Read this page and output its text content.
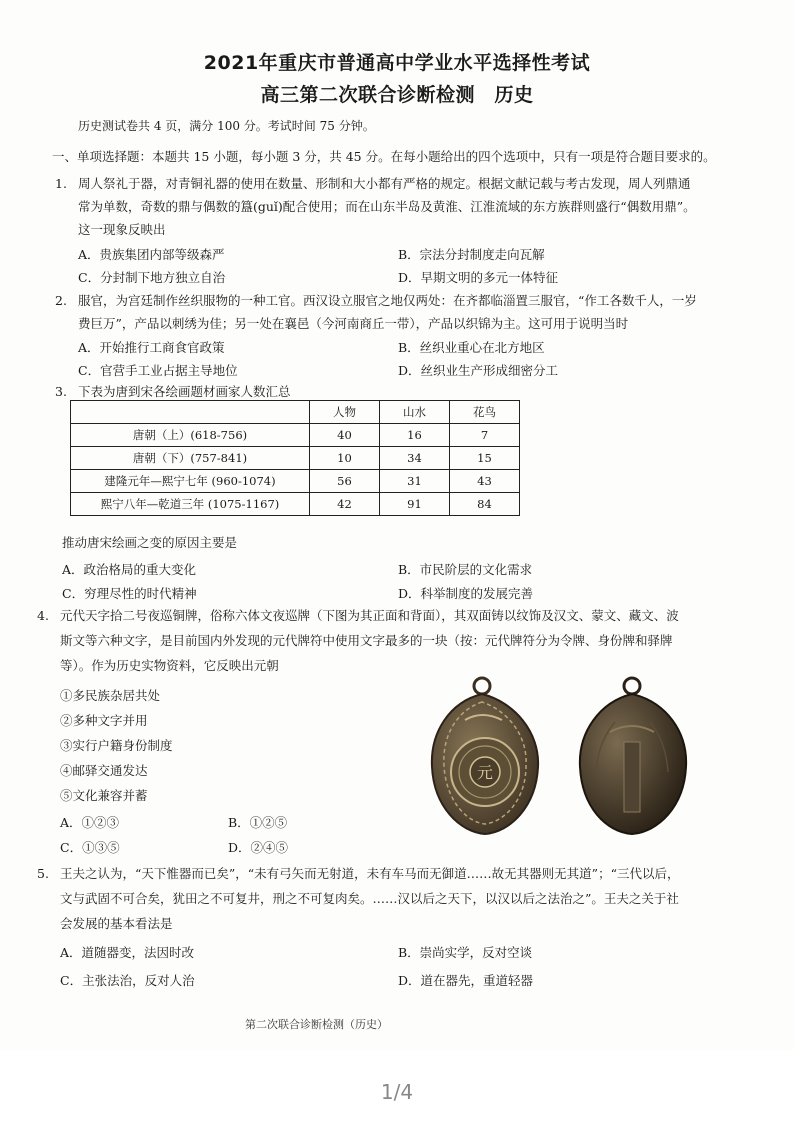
2021年重庆市普通高中学业水平选择性考试
高三第二次联合诊断检测　历史
历史测试卷共 4 页，满分 100 分。考试时间 75 分钟。
一、单项选择题：本题共 15 小题，每小题 3 分，共 45 分。在每小题给出的四个选项中，只有一项是符合题目要求的。
1. 周人祭礼于器，对青铜礼器的使用在数量、形制和大小都有严格的规定。根据文献记载与考古发现，周人列鼎通
常为单数，奇数的鼎与偶数的簋(guǐ)配合使用；而在山东半岛及黄淮、江淮流域的东方族群则盛行“偶数用鼎”。
这一现象反映出
A．贵族集团内部等级森严	B．宗法分封制度走向瓦解
C．分封制下地方独立自治	D．早期文明的多元一体特征
2. 服官，为宫廷制作丝织服物的一种工官。西汉设立服官之地仅两处：在齐都临淄置三服官，“作工各数千人，一岁
费巨万”，产品以刺绣为佳；另一处在襄邑（今河南商丘一带），产品以织锦为主。这可用于说明当时
A．开始推行工商食官政策	B．丝织业重心在北方地区
C．官营手工业占据主导地位	D．丝织业生产形成细密分工
3. 下表为唐到宋各绘画题材画家人数汇总
	人物	山水	花鸟
唐朝（上）(618-756)	40	16	7
唐朝（下）(757-841)	10	34	15
建隆元年—熙宁七年 (960-1074)	56	31	43
熙宁八年—乾道三年 (1075-1167)	42	91	84
推动唐宋绘画之变的原因主要是
A．政治格局的重大变化	B．市民阶层的文化需求
C．穷理尽性的时代精神	D．科举制度的发展完善
4. 元代天字拾二号夜巡铜牌，俗称六体文夜巡牌（下图为其正面和背面），其双面铸以纹饰及汉文、蒙文、藏文、波
斯文等六种文字，是目前国内外发现的元代牌符中使用文字最多的一块（按：元代牌符分为令牌、身份牌和驿牌
等）。作为历史实物资料，它反映出元朝
①多民族杂居共处
②多种文字并用
③实行户籍身份制度
④邮驿交通发达
⑤文化兼容并蓄
A．①②③	B．①②⑤
C．①③⑤	D．②④⑤
元
5. 王夫之认为，“天下惟器而已矣”，“未有弓矢而无射道，未有车马而无御道……故无其器则无其道”；“三代以后，
文与武固不可合矣，犹田之不可复井，刑之不可复肉矣。……汉以后之天下，以汉以后之法治之”。王夫之关于社
会发展的基本看法是
A．道随器变，法因时改	B．崇尚实学，反对空谈
C．主张法治，反对人治	D．道在器先，重道轻器
第二次联合诊断检测（历史）
1/4
